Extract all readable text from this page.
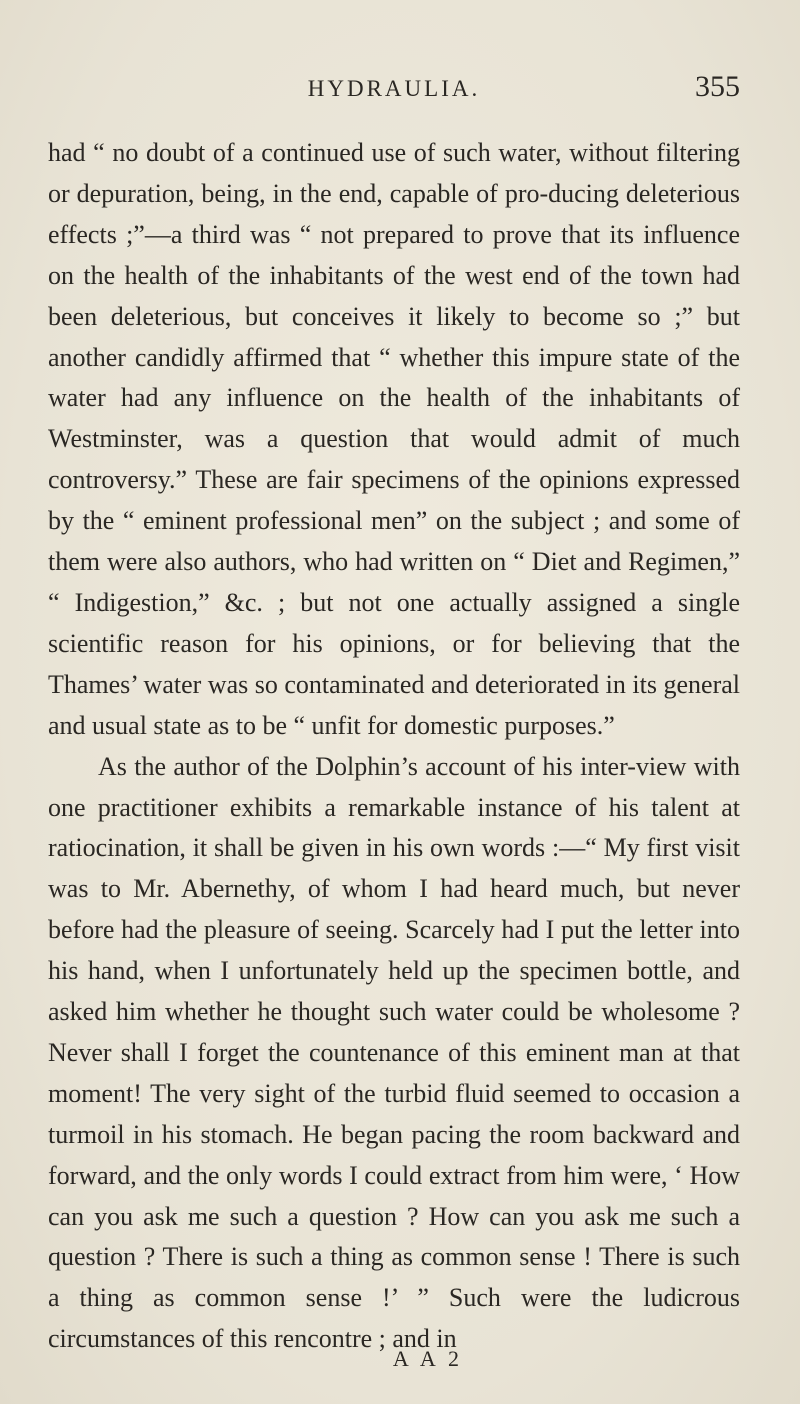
HYDRAULIA.	355

had “ no doubt of a continued use of such water, without filtering or depuration, being, in the end, capable of pro-ducing deleterious effects ;”—a third was “ not prepared to prove that its influence on the health of the inhabitants of the west end of the town had been deleterious, but conceives it likely to become so ;” but another candidly affirmed that “ whether this impure state of the water had any influence on the health of the inhabitants of Westminster, was a question that would admit of much controversy.” These are fair specimens of the opinions expressed by the “ eminent professional men” on the subject ; and some of them were also authors, who had written on “ Diet and Regimen,” “ Indigestion,” &c. ; but not one actually assigned a single scientific reason for his opinions, or for believing that the Thames’ water was so contaminated and deteriorated in its general and usual state as to be “ unfit for domestic purposes.”

As the author of the Dolphin’s account of his inter-view with one practitioner exhibits a remarkable instance of his talent at ratiocination, it shall be given in his own words :—“ My first visit was to Mr. Abernethy, of whom I had heard much, but never before had the pleasure of seeing. Scarcely had I put the letter into his hand, when I unfortunately held up the specimen bottle, and asked him whether he thought such water could be wholesome ? Never shall I forget the countenance of this eminent man at that moment! The very sight of the turbid fluid seemed to occasion a turmoil in his stomach. He began pacing the room backward and forward, and the only words I could extract from him were, ‘ How can you ask me such a question ? How can you ask me such a question ? There is such a thing as common sense ! There is such a thing as common sense !’ ” Such were the ludicrous circumstances of this rencontre ; and in

A A 2
